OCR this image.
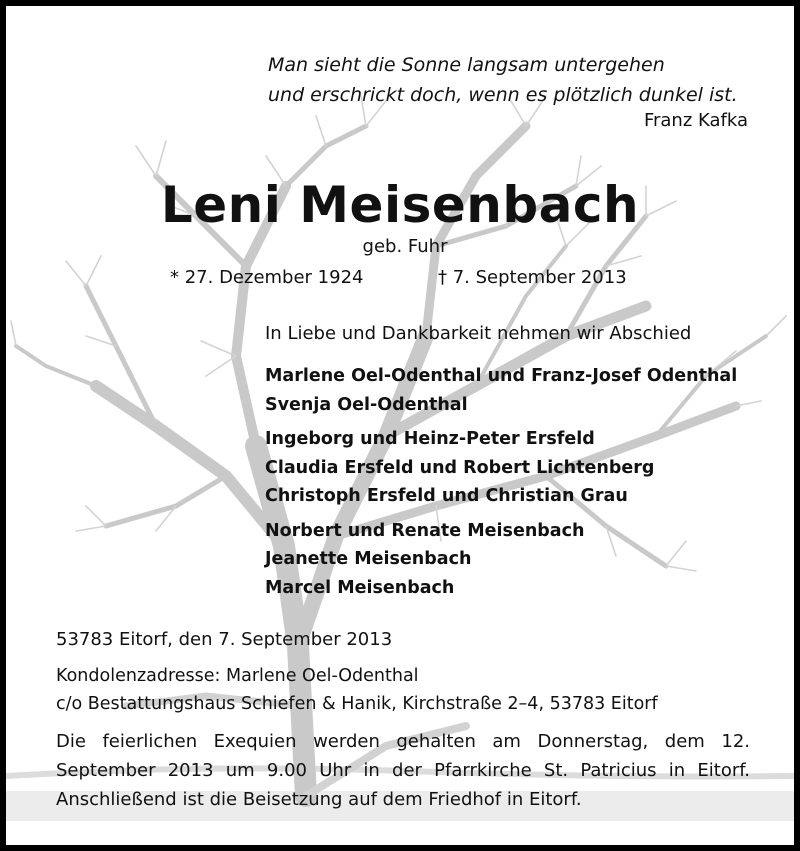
Man sieht die Sonne langsam untergehen
und erschrickt doch, wenn es plötzlich dunkel ist.
Franz Kafka
Leni Meisenbach
geb. Fuhr
* 27. Dezember 1924	† 7. September 2013
In Liebe und Dankbarkeit nehmen wir Abschied
Marlene Oel-Odenthal und Franz-Josef Odenthal
Svenja Oel-Odenthal
Ingeborg und Heinz-Peter Ersfeld
Claudia Ersfeld und Robert Lichtenberg
Christoph Ersfeld und Christian Grau
Norbert und Renate Meisenbach
Jeanette Meisenbach
Marcel Meisenbach
53783 Eitorf, den 7. September 2013
Kondolenzadresse: Marlene Oel-Odenthal
c/o Bestattungshaus Schiefen & Hanik, Kirchstraße 2–4, 53783 Eitorf
Die feierlichen Exequien werden gehalten am Donnerstag, dem 12. September 2013 um 9.00 Uhr in der Pfarrkirche St. Patricius in Eitorf. Anschließend ist die Beisetzung auf dem Friedhof in Eitorf.
